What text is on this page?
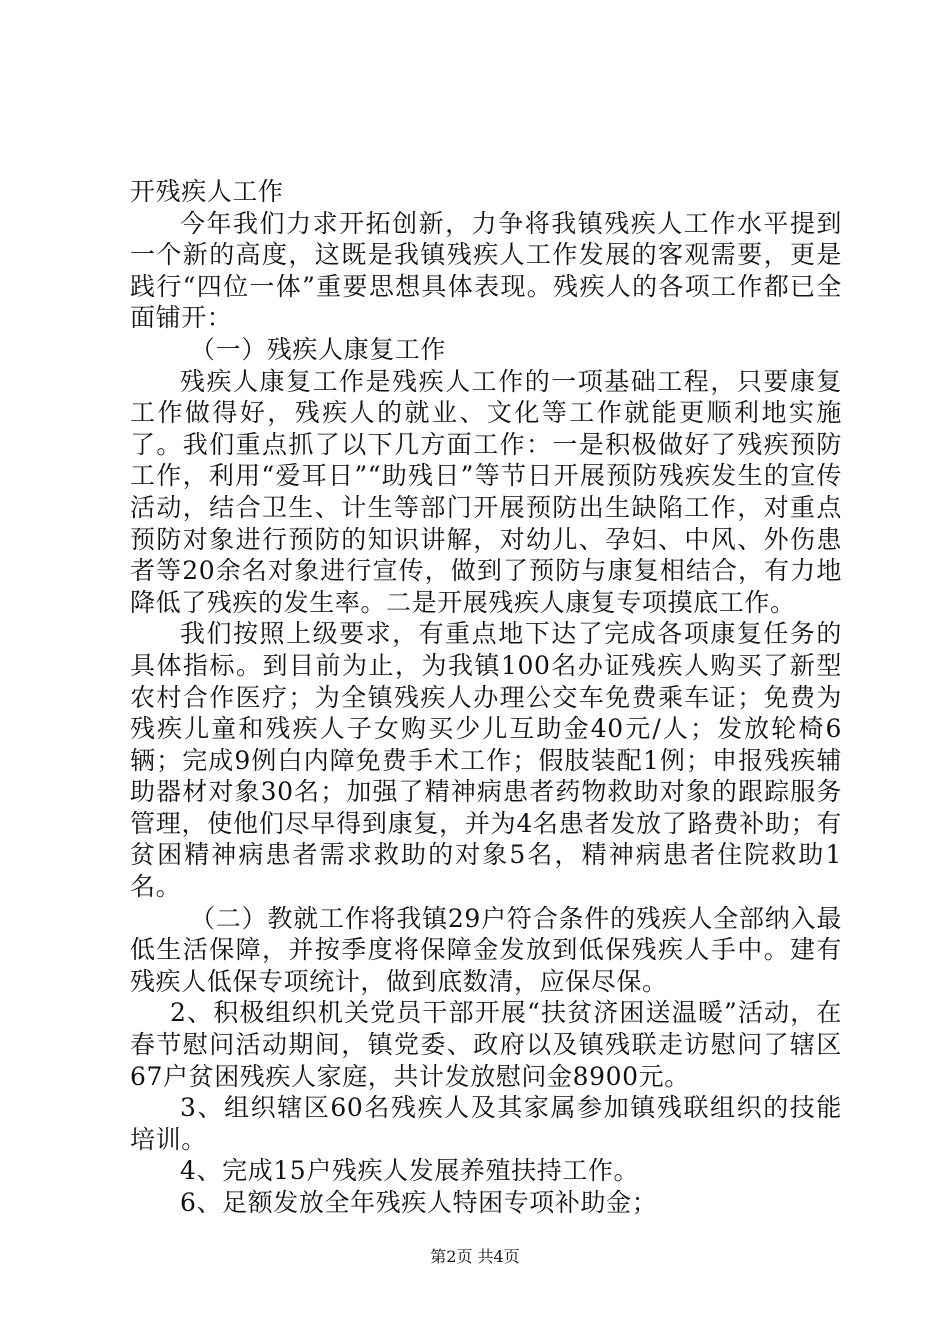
开残疾人工作

今年我们力求开拓创新，力争将我镇残疾人工作水平提到一个新的高度，这既是我镇残疾人工作发展的客观需要，更是践行“四位一体”重要思想具体表现。残疾人的各项工作都已全面铺开：

（一）残疾人康复工作

残疾人康复工作是残疾人工作的一项基础工程，只要康复工作做得好，残疾人的就业、文化等工作就能更顺利地实施了。我们重点抓了以下几方面工作：一是积极做好了残疾预防工作，利用“爱耳日”“助残日”等节日开展预防残疾发生的宣传活动，结合卫生、计生等部门开展预防出生缺陷工作，对重点预防对象进行预防的知识讲解，对幼儿、孕妇、中风、外伤患者等20余名对象进行宣传，做到了预防与康复相结合，有力地降低了残疾的发生率。二是开展残疾人康复专项摸底工作。

我们按照上级要求，有重点地下达了完成各项康复任务的具体指标。到目前为止，为我镇100名办证残疾人购买了新型农村合作医疗；为全镇残疾人办理公交车免费乘车证；免费为残疾儿童和残疾人子女购买少儿互助金40元/人；发放轮椅6辆；完成9例白内障免费手术工作；假肢装配1例；申报残疾辅助器材对象30名；加强了精神病患者药物救助对象的跟踪服务管理，使他们尽早得到康复，并为4名患者发放了路费补助；有贫困精神病患者需求救助的对象5名，精神病患者住院救助1名。

（二）教就工作将我镇29户符合条件的残疾人全部纳入最低生活保障，并按季度将保障金发放到低保残疾人手中。建有残疾人低保专项统计，做到底数清，应保尽保。

2、积极组织机关党员干部开展“扶贫济困送温暖”活动，在春节慰问活动期间，镇党委、政府以及镇残联走访慰问了辖区67户贫困残疾人家庭，共计发放慰问金8900元。

3、组织辖区60名残疾人及其家属参加镇残联组织的技能培训。

4、完成15户残疾人发展养殖扶持工作。

6、足额发放全年残疾人特困专项补助金；

第2页 共4页
